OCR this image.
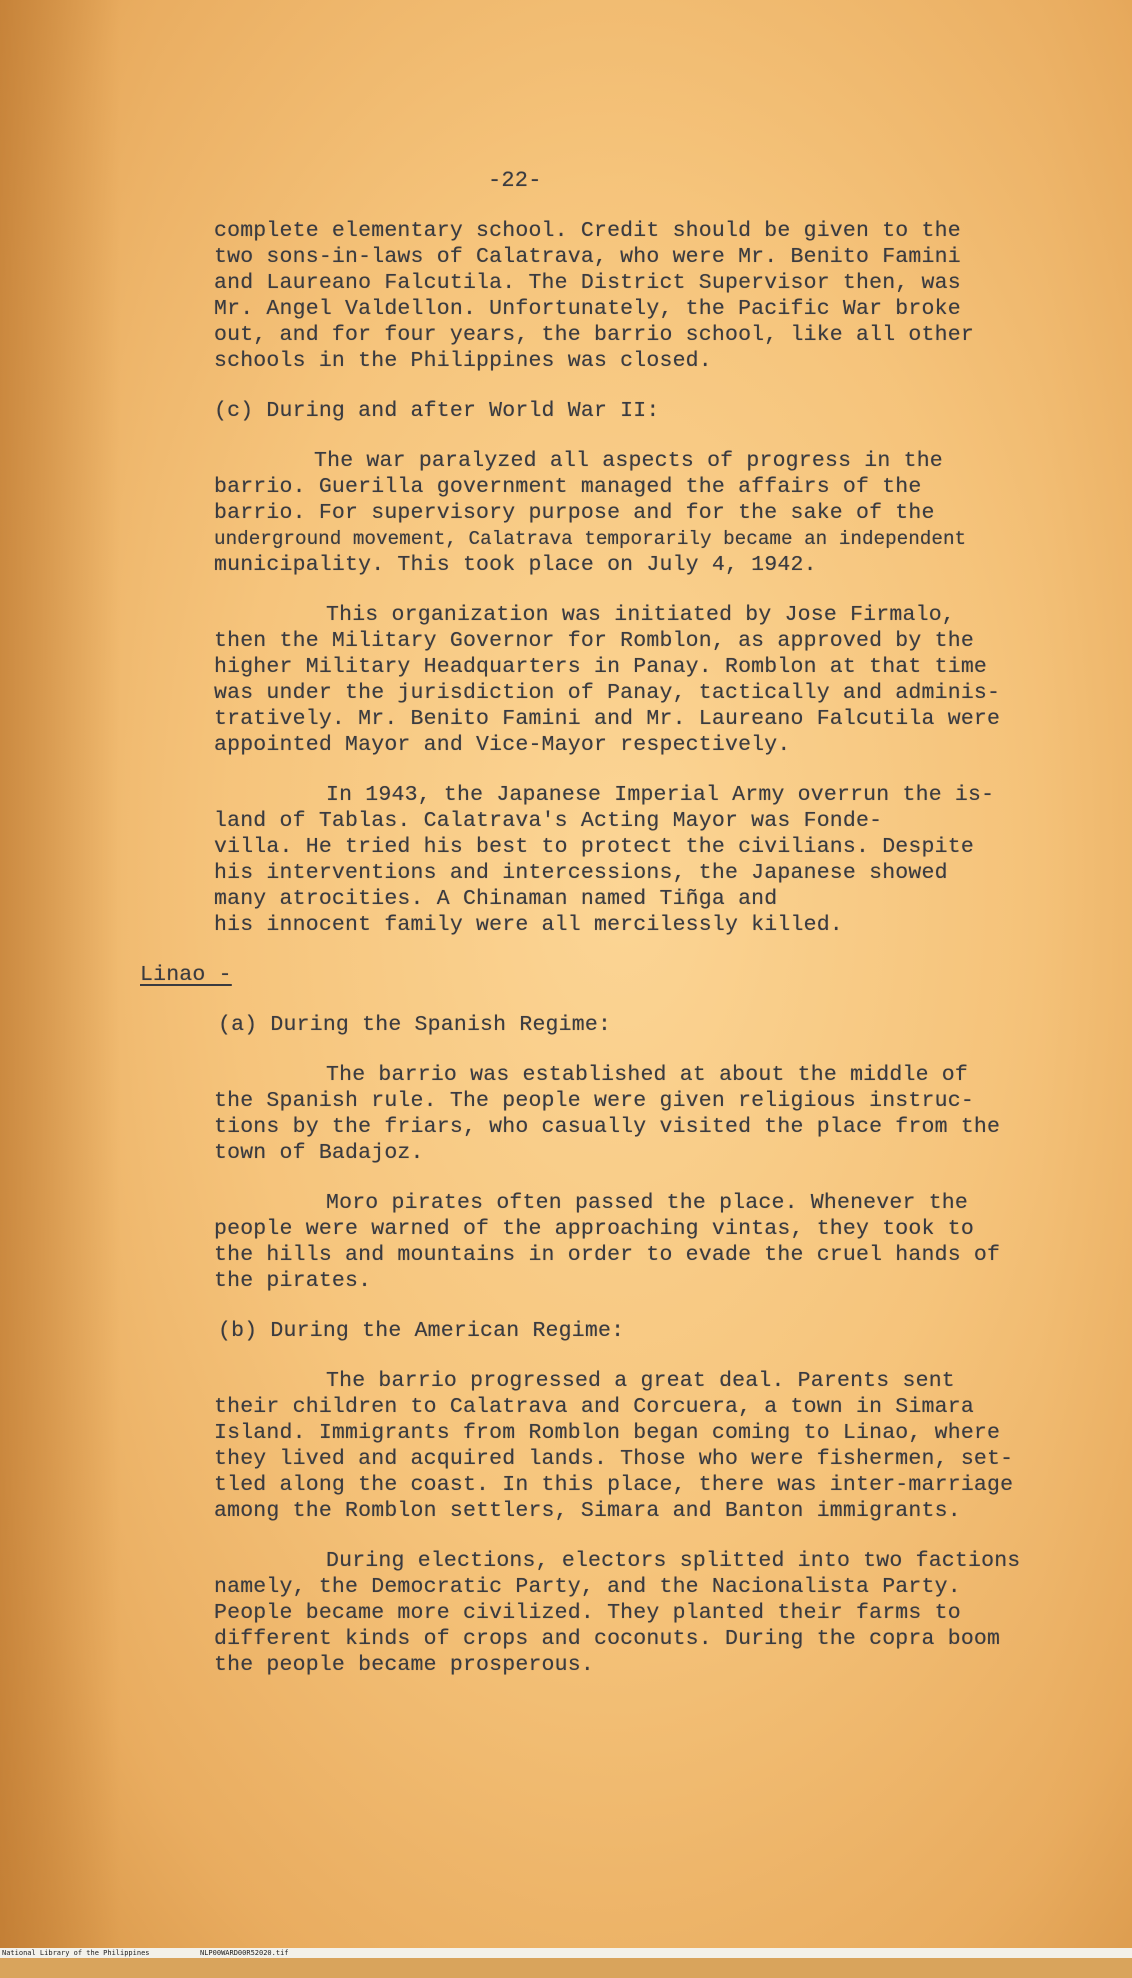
-22-
complete elementary school. Credit should be given to the
two sons-in-laws of Calatrava, who were Mr. Benito Famini
and Laureano Falcutila. The District Supervisor then, was
Mr. Angel Valdellon. Unfortunately, the Pacific War broke
out, and for four years, the barrio school, like all other
schools in the Philippines was closed.
(c) During and after World War II:
The war paralyzed all aspects of progress in the
barrio. Guerilla government managed the affairs of the
barrio. For supervisory purpose and for the sake of the
underground movement, Calatrava temporarily became an independent
municipality. This took place on July 4, 1942.
This organization was initiated by Jose Firmalo,
then the Military Governor for Romblon, as approved by the
higher Military Headquarters in Panay. Romblon at that time
was under the jurisdiction of Panay, tactically and adminis-
tratively. Mr. Benito Famini and Mr. Laureano Falcutila were
appointed Mayor and Vice-Mayor respectively.
In 1943, the Japanese Imperial Army overrun the is-
land of Tablas. Calatrava's Acting Mayor was Fonde-
villa. He tried his best to protect the civilians. Despite
his interventions and intercessions, the Japanese showed
many atrocities. A Chinaman named Tiñga and
his innocent family were all mercilessly killed.
Linao -
(a) During the Spanish Regime:
The barrio was established at about the middle of
the Spanish rule. The people were given religious instruc-
tions by the friars, who casually visited the place from the
town of Badajoz.
Moro pirates often passed the place. Whenever the
people were warned of the approaching vintas, they took to
the hills and mountains in order to evade the cruel hands of
the pirates.
(b) During the American Regime:
The barrio progressed a great deal. Parents sent
their children to Calatrava and Corcuera, a town in Simara
Island. Immigrants from Romblon began coming to Linao, where
they lived and acquired lands. Those who were fishermen, set-
tled along the coast. In this place, there was inter-marriage
among the Romblon settlers, Simara and Banton immigrants.
During elections, electors splitted into two factions
namely, the Democratic Party, and the Nacionalista Party.
People became more civilized. They planted their farms to
different kinds of crops and coconuts. During the copra boom
the people became prosperous.

National Library of the Philippines

	NLP00WARD00R52020.tif
